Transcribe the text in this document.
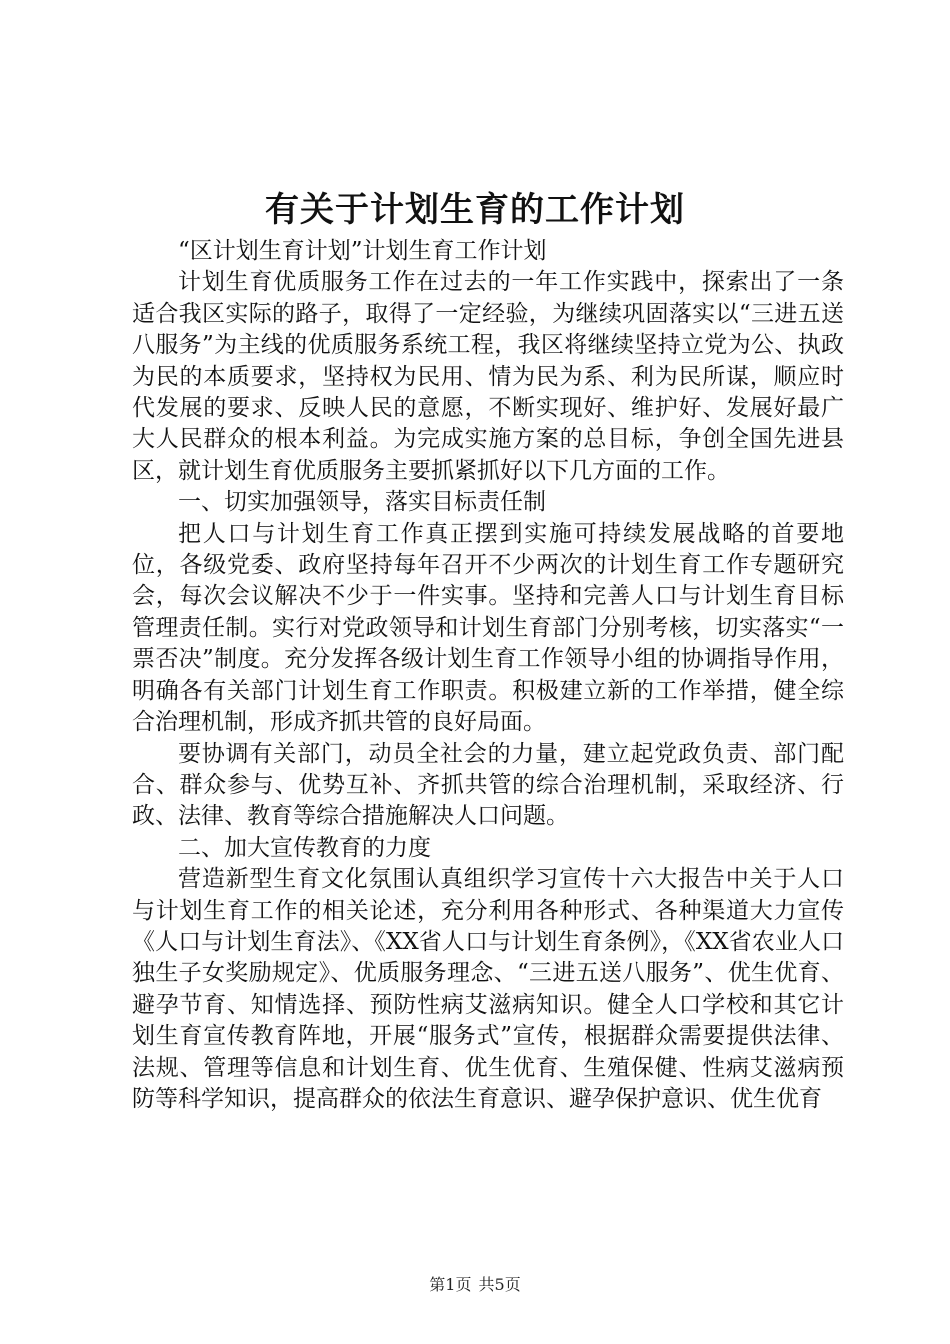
有关于计划生育的工作计划

“区计划生育计划”计划生育工作计划

计划生育优质服务工作在过去的一年工作实践中，探索出了一条适合我区实际的路子，取得了一定经验，为继续巩固落实以“三进五送八服务”为主线的优质服务系统工程，我区将继续坚持立党为公、执政为民的本质要求，坚持权为民用、情为民为系、利为民所谋，顺应时代发展的要求、反映人民的意愿，不断实现好、维护好、发展好最广大人民群众的根本利益。为完成实施方案的总目标，争创全国先进县区，就计划生育优质服务主要抓紧抓好以下几方面的工作。

一、切实加强领导，落实目标责任制

把人口与计划生育工作真正摆到实施可持续发展战略的首要地位，各级党委、政府坚持每年召开不少两次的计划生育工作专题研究会，每次会议解决不少于一件实事。坚持和完善人口与计划生育目标管理责任制。实行对党政领导和计划生育部门分别考核，切实落实“一票否决”制度。充分发挥各级计划生育工作领导小组的协调指导作用，明确各有关部门计划生育工作职责。积极建立新的工作举措，健全综合治理机制，形成齐抓共管的良好局面。

要协调有关部门，动员全社会的力量，建立起党政负责、部门配合、群众参与、优势互补、齐抓共管的综合治理机制，采取经济、行政、法律、教育等综合措施解决人口问题。

二、加大宣传教育的力度

营造新型生育文化氛围认真组织学习宣传十六大报告中关于人口与计划生育工作的相关论述，充分利用各种形式、各种渠道大力宣传《人口与计划生育法》、《XX省人口与计划生育条例》，《XX省农业人口独生子女奖励规定》、优质服务理念、“三进五送八服务”、优生优育、避孕节育、知情选择、预防性病艾滋病知识。健全人口学校和其它计划生育宣传教育阵地，开展“服务式”宣传，根据群众需要提供法律、法规、管理等信息和计划生育、优生优育、生殖保健、性病艾滋病预防等科学知识，提高群众的依法生育意识、避孕保护意识、优生优育

第1页 共5页
